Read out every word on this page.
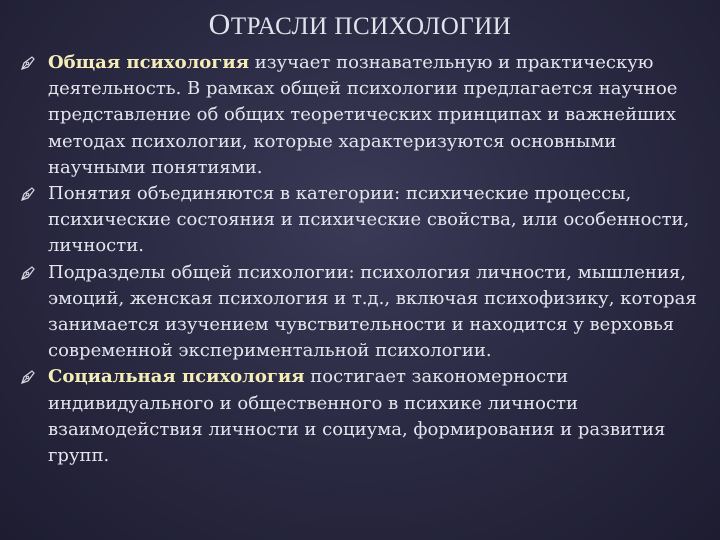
ОТРАСЛИ ПСИХОЛОГИИ
Общая психология изучает познавательную и практическую деятельность. В рамках общей психологии предлагается научное представление об общих теоретических принципах и важнейших методах психологии, которые характеризуются основными научными понятиями.
Понятия объединяются в категории: психические процессы, психические состояния и психические свойства, или особенности, личности.
Подразделы общей психологии: психология личности, мышления, эмоций, женская психология и т.д., включая психофизику, которая занимается изучением чувствительности и находится у верховья современной экспериментальной психологии.
Социальная психология постигает закономерности индивидуального и общественного в психике личности взаимодействия личности и социума, формирования и развития групп.
